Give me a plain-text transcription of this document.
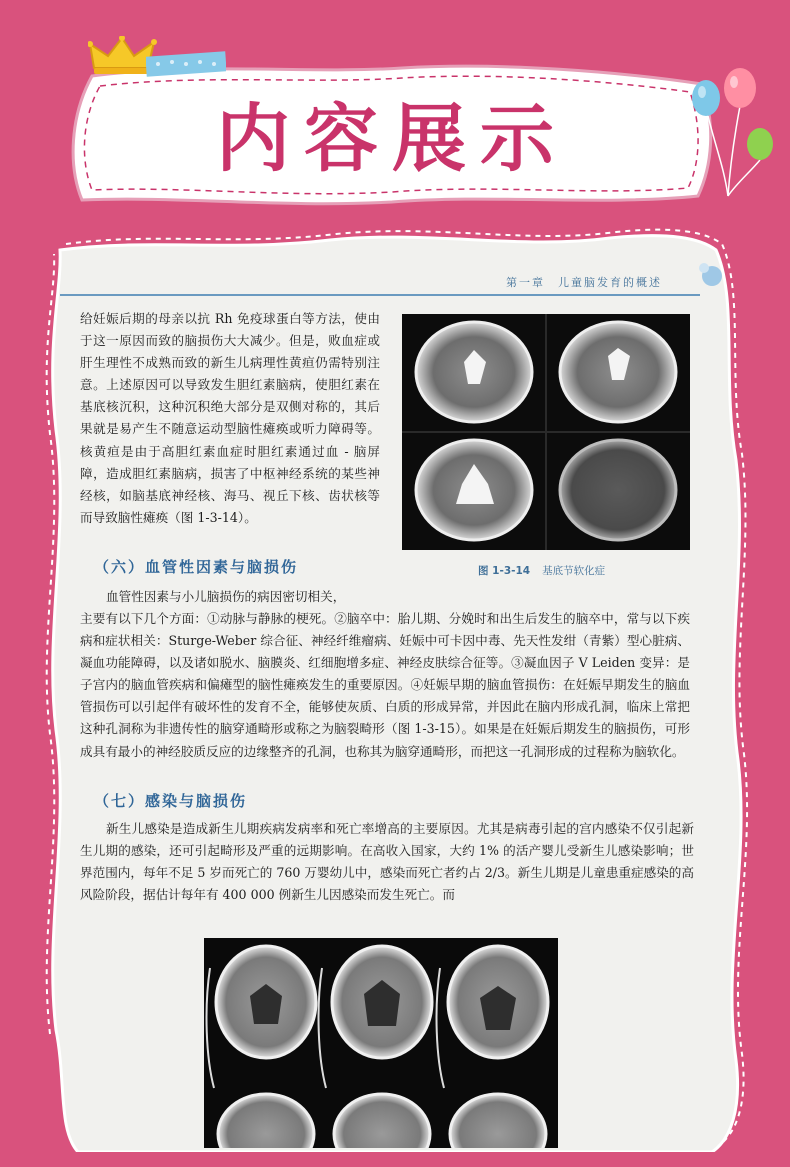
内容展示
第一章　儿童脑发育的概述

给妊娠后期的母亲以抗 Rh 免疫球蛋白等方法，使由于这一原因而致的脑损伤大大减少。但是，败血症或肝生理性不成熟而致的新生儿病理性黄疸仍需特别注意。上述原因可以导致发生胆红素脑病，使胆红素在基底核沉积，这种沉积绝大部分是双侧对称的，其后果就是易产生不随意运动型脑性瘫痪或听力障碍等。核黄疸是由于高胆红素血症时胆红素通过血 - 脑屏障，造成胆红素脑病，损害了中枢神经系统的某些神经核，如脑基底神经核、海马、视丘下核、齿状核等而导致脑性瘫痪（图 1-3-14）。

图 1-3-14 基底节软化症
（六）血管性因素与脑损伤

血管性因素与小儿脑损伤的病因密切相关，

主要有以下几个方面：①动脉与静脉的梗死。②脑卒中：胎儿期、分娩时和出生后发生的脑卒中，常与以下疾病和症状相关：Sturge-Weber 综合征、神经纤维瘤病、妊娠中可卡因中毒、先天性发绀（青紫）型心脏病、凝血功能障碍，以及诸如脱水、脑膜炎、红细胞增多症、神经皮肤综合征等。③凝血因子 V Leiden 变异：是子宫内的脑血管疾病和偏瘫型的脑性瘫痪发生的重要原因。④妊娠早期的脑血管损伤：在妊娠早期发生的脑血管损伤可以引起伴有破坏性的发育不全，能够使灰质、白质的形成异常，并因此在脑内形成孔洞，临床上常把这种孔洞称为非遗传性的脑穿通畸形或称之为脑裂畸形（图 1-3-15）。如果是在妊娠后期发生的脑损伤，可形成具有最小的神经胶质反应的边缘整齐的孔洞，也称其为脑穿通畸形，而把这一孔洞形成的过程称为脑软化。

（七）感染与脑损伤

新生儿感染是造成新生儿期疾病发病率和死亡率增高的主要原因。尤其是病毒引起的宫内感染不仅引起新生儿期的感染，还可引起畸形及严重的远期影响。在高收入国家，大约 1% 的活产婴儿受新生儿感染影响；世界范围内，每年不足 5 岁而死亡的 760 万婴幼儿中，感染而死亡者约占 2/3。新生儿期是儿童患重症感染的高风险阶段，据估计每年有 400 000 例新生儿因感染而发生死亡。而
